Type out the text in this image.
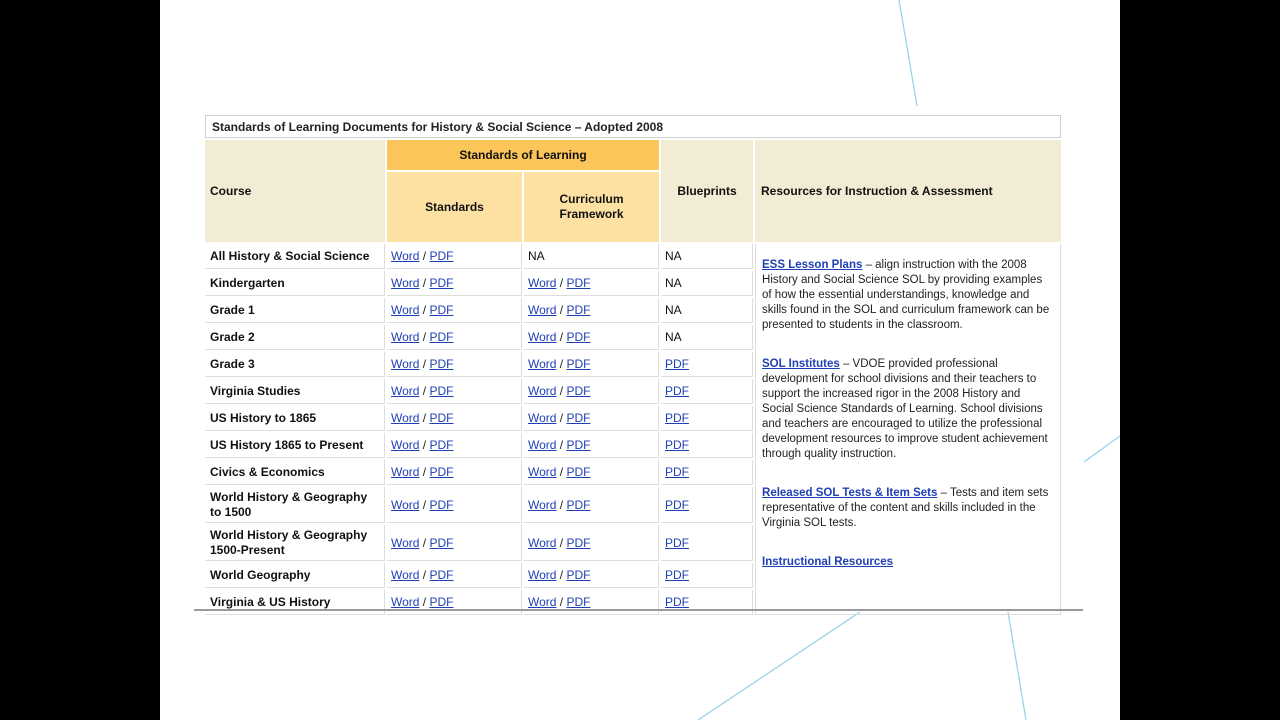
Standards of Learning Documents for History & Social Science – Adopted 2008
Course	Standards of Learning		Blueprints	Resources for Instruction & Assessment
	Standards	Curriculum Framework		

All History & Social Science	Word / PDF	NA	NA	ESS Lesson Plans – align instruction with the 2008 History and Social Science SOL by providing examples of how the essential understandings, knowledge and skills found in the SOL and curriculum framework can be presented to students in the classroom.
SOL Institutes – VDOE provided professional development for school divisions and their teachers to support the increased rigor in the 2008 History and Social Science Standards of Learning. School divisions and teachers are encouraged to utilize the professional development resources to improve student achievement through quality instruction.
Released SOL Tests & Item Sets – Tests and item sets representative of the content and skills included in the Virginia SOL tests.
Instructional Resources

Kindergarten	Word / PDF	Word / PDF	NA	
Grade 1	Word / PDF	Word / PDF	NA	
Grade 2	Word / PDF	Word / PDF	NA	
Grade 3	Word / PDF	Word / PDF	PDF	
Virginia Studies	Word / PDF	Word / PDF	PDF	
US History to 1865	Word / PDF	Word / PDF	PDF	
US History 1865 to Present	Word / PDF	Word / PDF	PDF	
Civics & Economics	Word / PDF	Word / PDF	PDF	
World History & Geography to 1500	Word / PDF	Word / PDF	PDF	
World History & Geography 1500-Present	Word / PDF	Word / PDF	PDF	
World Geography	Word / PDF	Word / PDF	PDF	
Virginia & US History	Word / PDF	Word / PDF	PDF	
